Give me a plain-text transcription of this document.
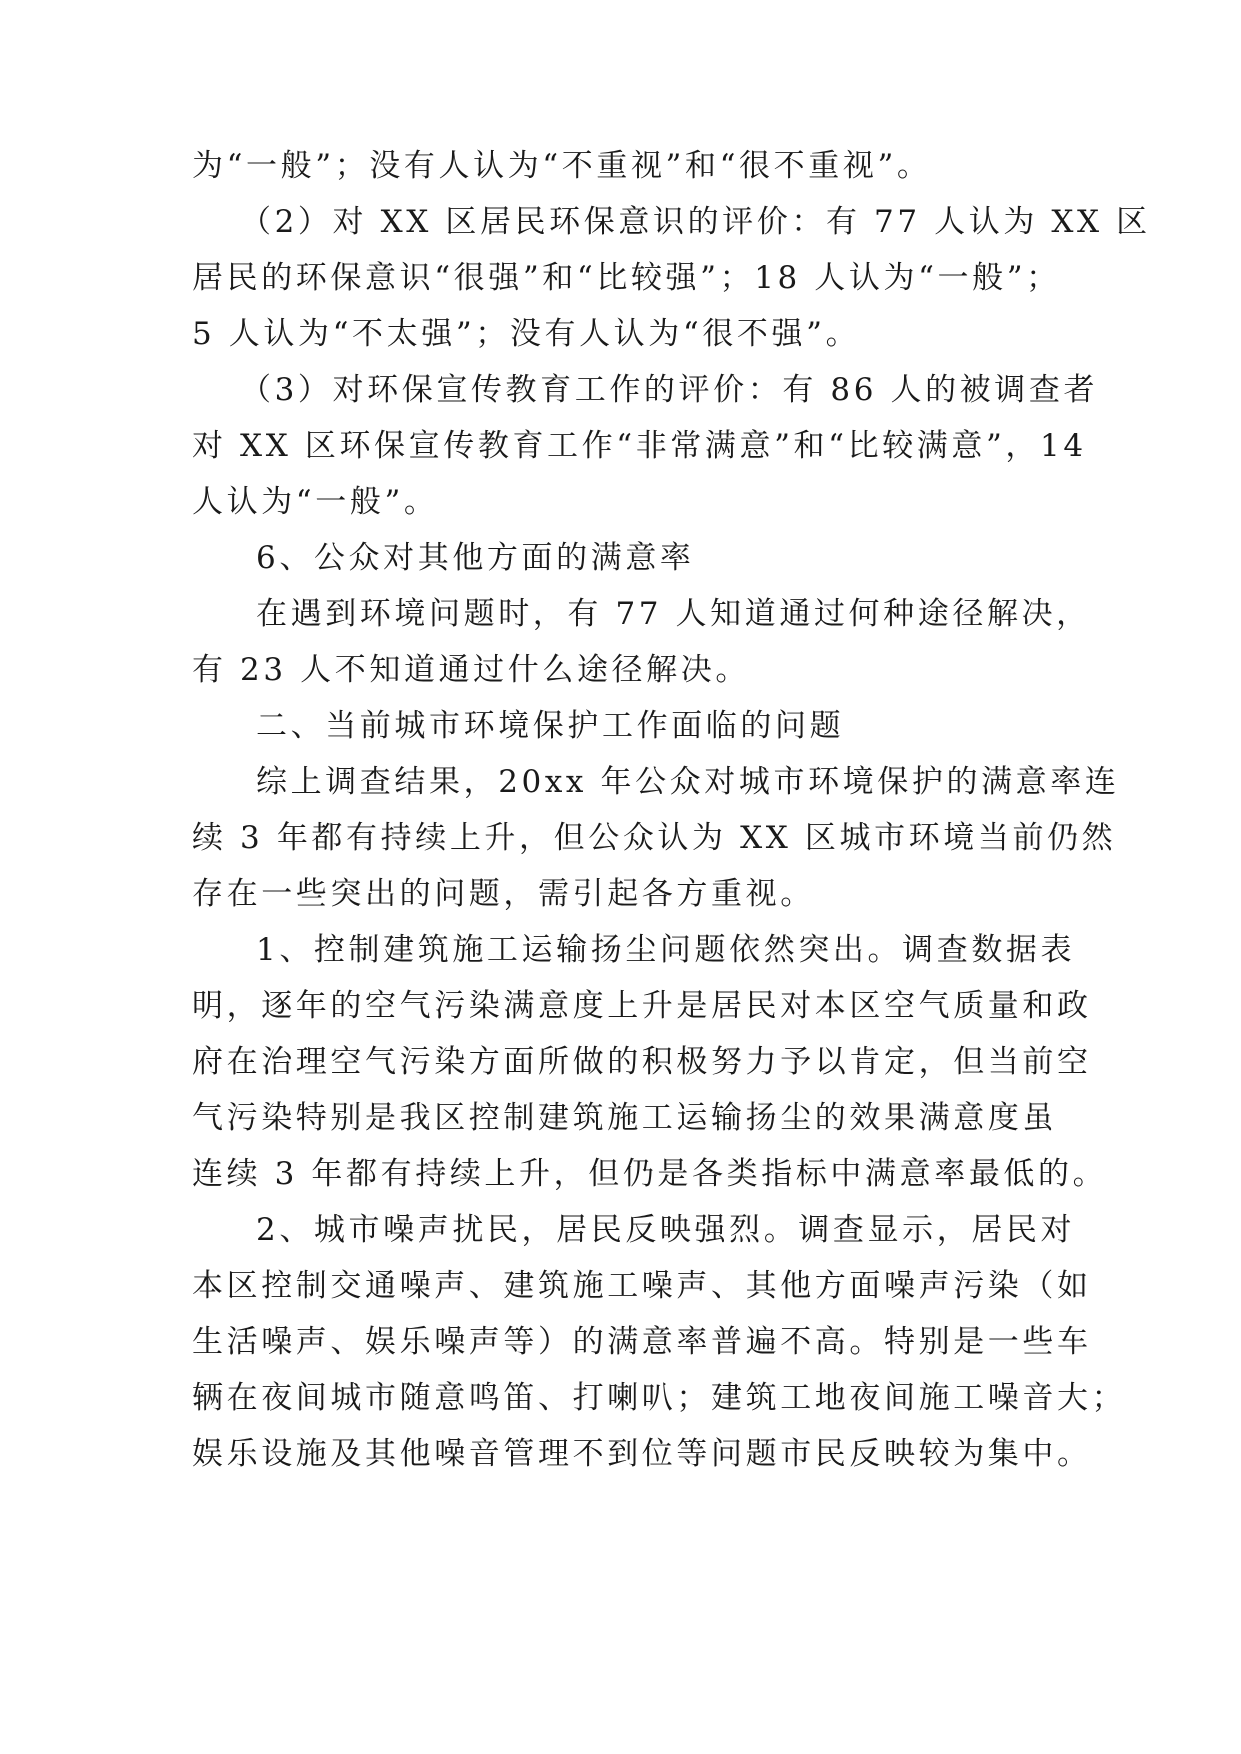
为“一般”；没有人认为“不重视”和“很不重视”。
（2）对 XX 区居民环保意识的评价：有 77 人认为 XX 区
居民的环保意识“很强”和“比较强”；18 人认为“一般”；
5 人认为“不太强”；没有人认为“很不强”。
（3）对环保宣传教育工作的评价：有 86 人的被调查者
对 XX 区环保宣传教育工作“非常满意”和“比较满意”，14
人认为“一般”。
6、公众对其他方面的满意率
在遇到环境问题时，有 77 人知道通过何种途径解决，
有 23 人不知道通过什么途径解决。
二、当前城市环境保护工作面临的问题
综上调查结果，20xx 年公众对城市环境保护的满意率连
续 3 年都有持续上升，但公众认为 XX 区城市环境当前仍然
存在一些突出的问题，需引起各方重视。
1、控制建筑施工运输扬尘问题依然突出。调查数据表
明，逐年的空气污染满意度上升是居民对本区空气质量和政
府在治理空气污染方面所做的积极努力予以肯定，但当前空
气污染特别是我区控制建筑施工运输扬尘的效果满意度虽
连续 3 年都有持续上升，但仍是各类指标中满意率最低的。
2、城市噪声扰民，居民反映强烈。调查显示，居民对
本区控制交通噪声、建筑施工噪声、其他方面噪声污染（如
生活噪声、娱乐噪声等）的满意率普遍不高。特别是一些车
辆在夜间城市随意鸣笛、打喇叭；建筑工地夜间施工噪音大；
娱乐设施及其他噪音管理不到位等问题市民反映较为集中。
